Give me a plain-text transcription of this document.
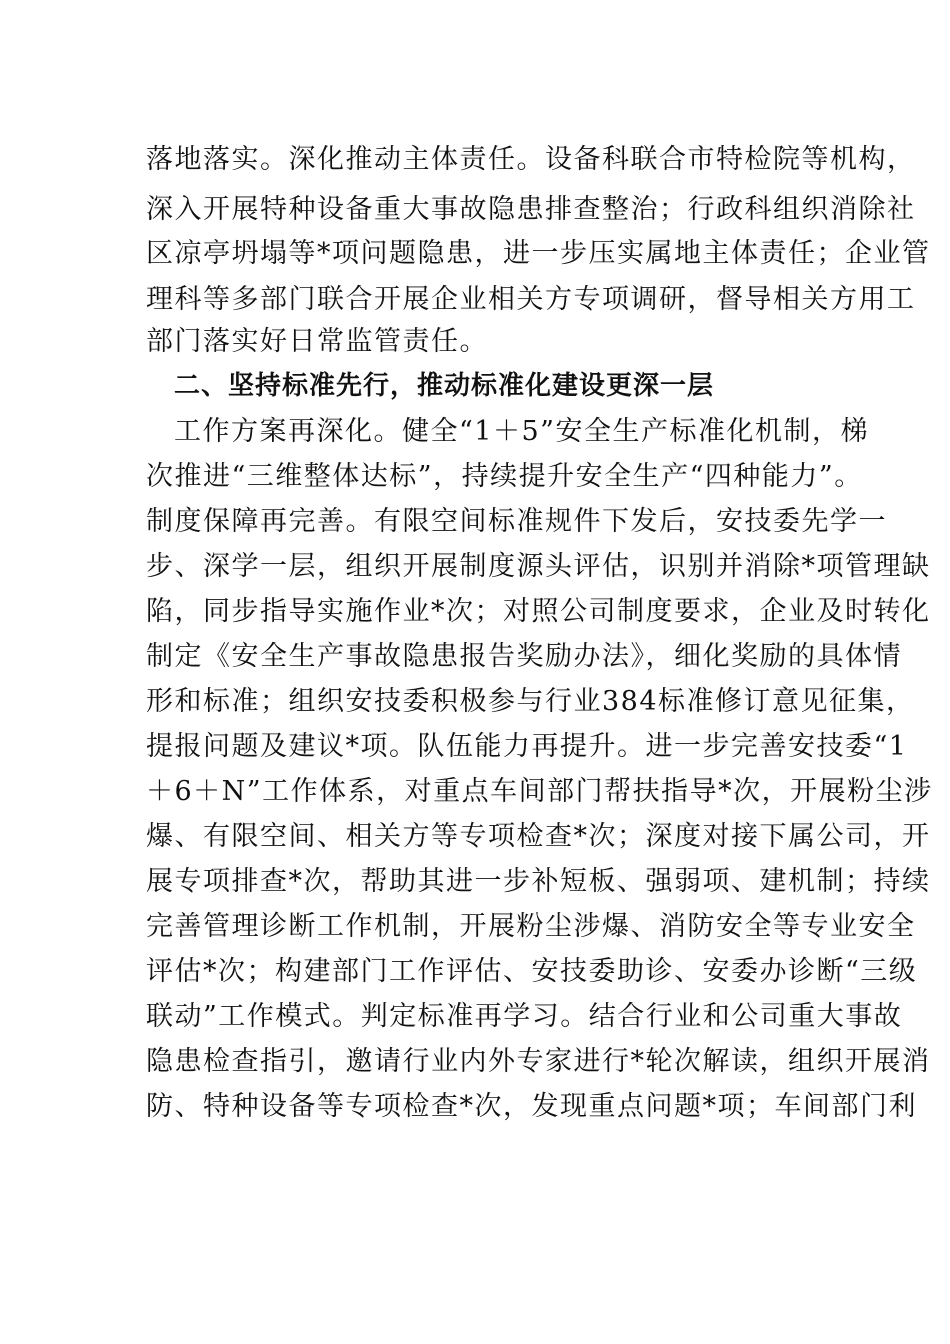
落地落实。深化推动主体责任。设备科联合市特检院等机构，
深入开展特种设备重大事故隐患排查整治；行政科组织消除社
区凉亭坍塌等*项问题隐患，进一步压实属地主体责任；企业管
理科等多部门联合开展企业相关方专项调研，督导相关方用工
部门落实好日常监管责任。
二、坚持标准先行，推动标准化建设更深一层
工作方案再深化。健全“1＋5”安全生产标准化机制，梯
次推进“三维整体达标”，持续提升安全生产“四种能力”。
制度保障再完善。有限空间标准规件下发后，安技委先学一
步、深学一层，组织开展制度源头评估，识别并消除*项管理缺
陷，同步指导实施作业*次；对照公司制度要求，企业及时转化
制定《安全生产事故隐患报告奖励办法》，细化奖励的具体情
形和标准；组织安技委积极参与行业384标准修订意见征集，
提报问题及建议*项。队伍能力再提升。进一步完善安技委“1
＋6＋N”工作体系，对重点车间部门帮扶指导*次，开展粉尘涉
爆、有限空间、相关方等专项检查*次；深度对接下属公司，开
展专项排查*次，帮助其进一步补短板、强弱项、建机制；持续
完善管理诊断工作机制，开展粉尘涉爆、消防安全等专业安全
评估*次；构建部门工作评估、安技委助诊、安委办诊断“三级
联动”工作模式。判定标准再学习。结合行业和公司重大事故
隐患检查指引，邀请行业内外专家进行*轮次解读，组织开展消
防、特种设备等专项检查*次，发现重点问题*项；车间部门利
